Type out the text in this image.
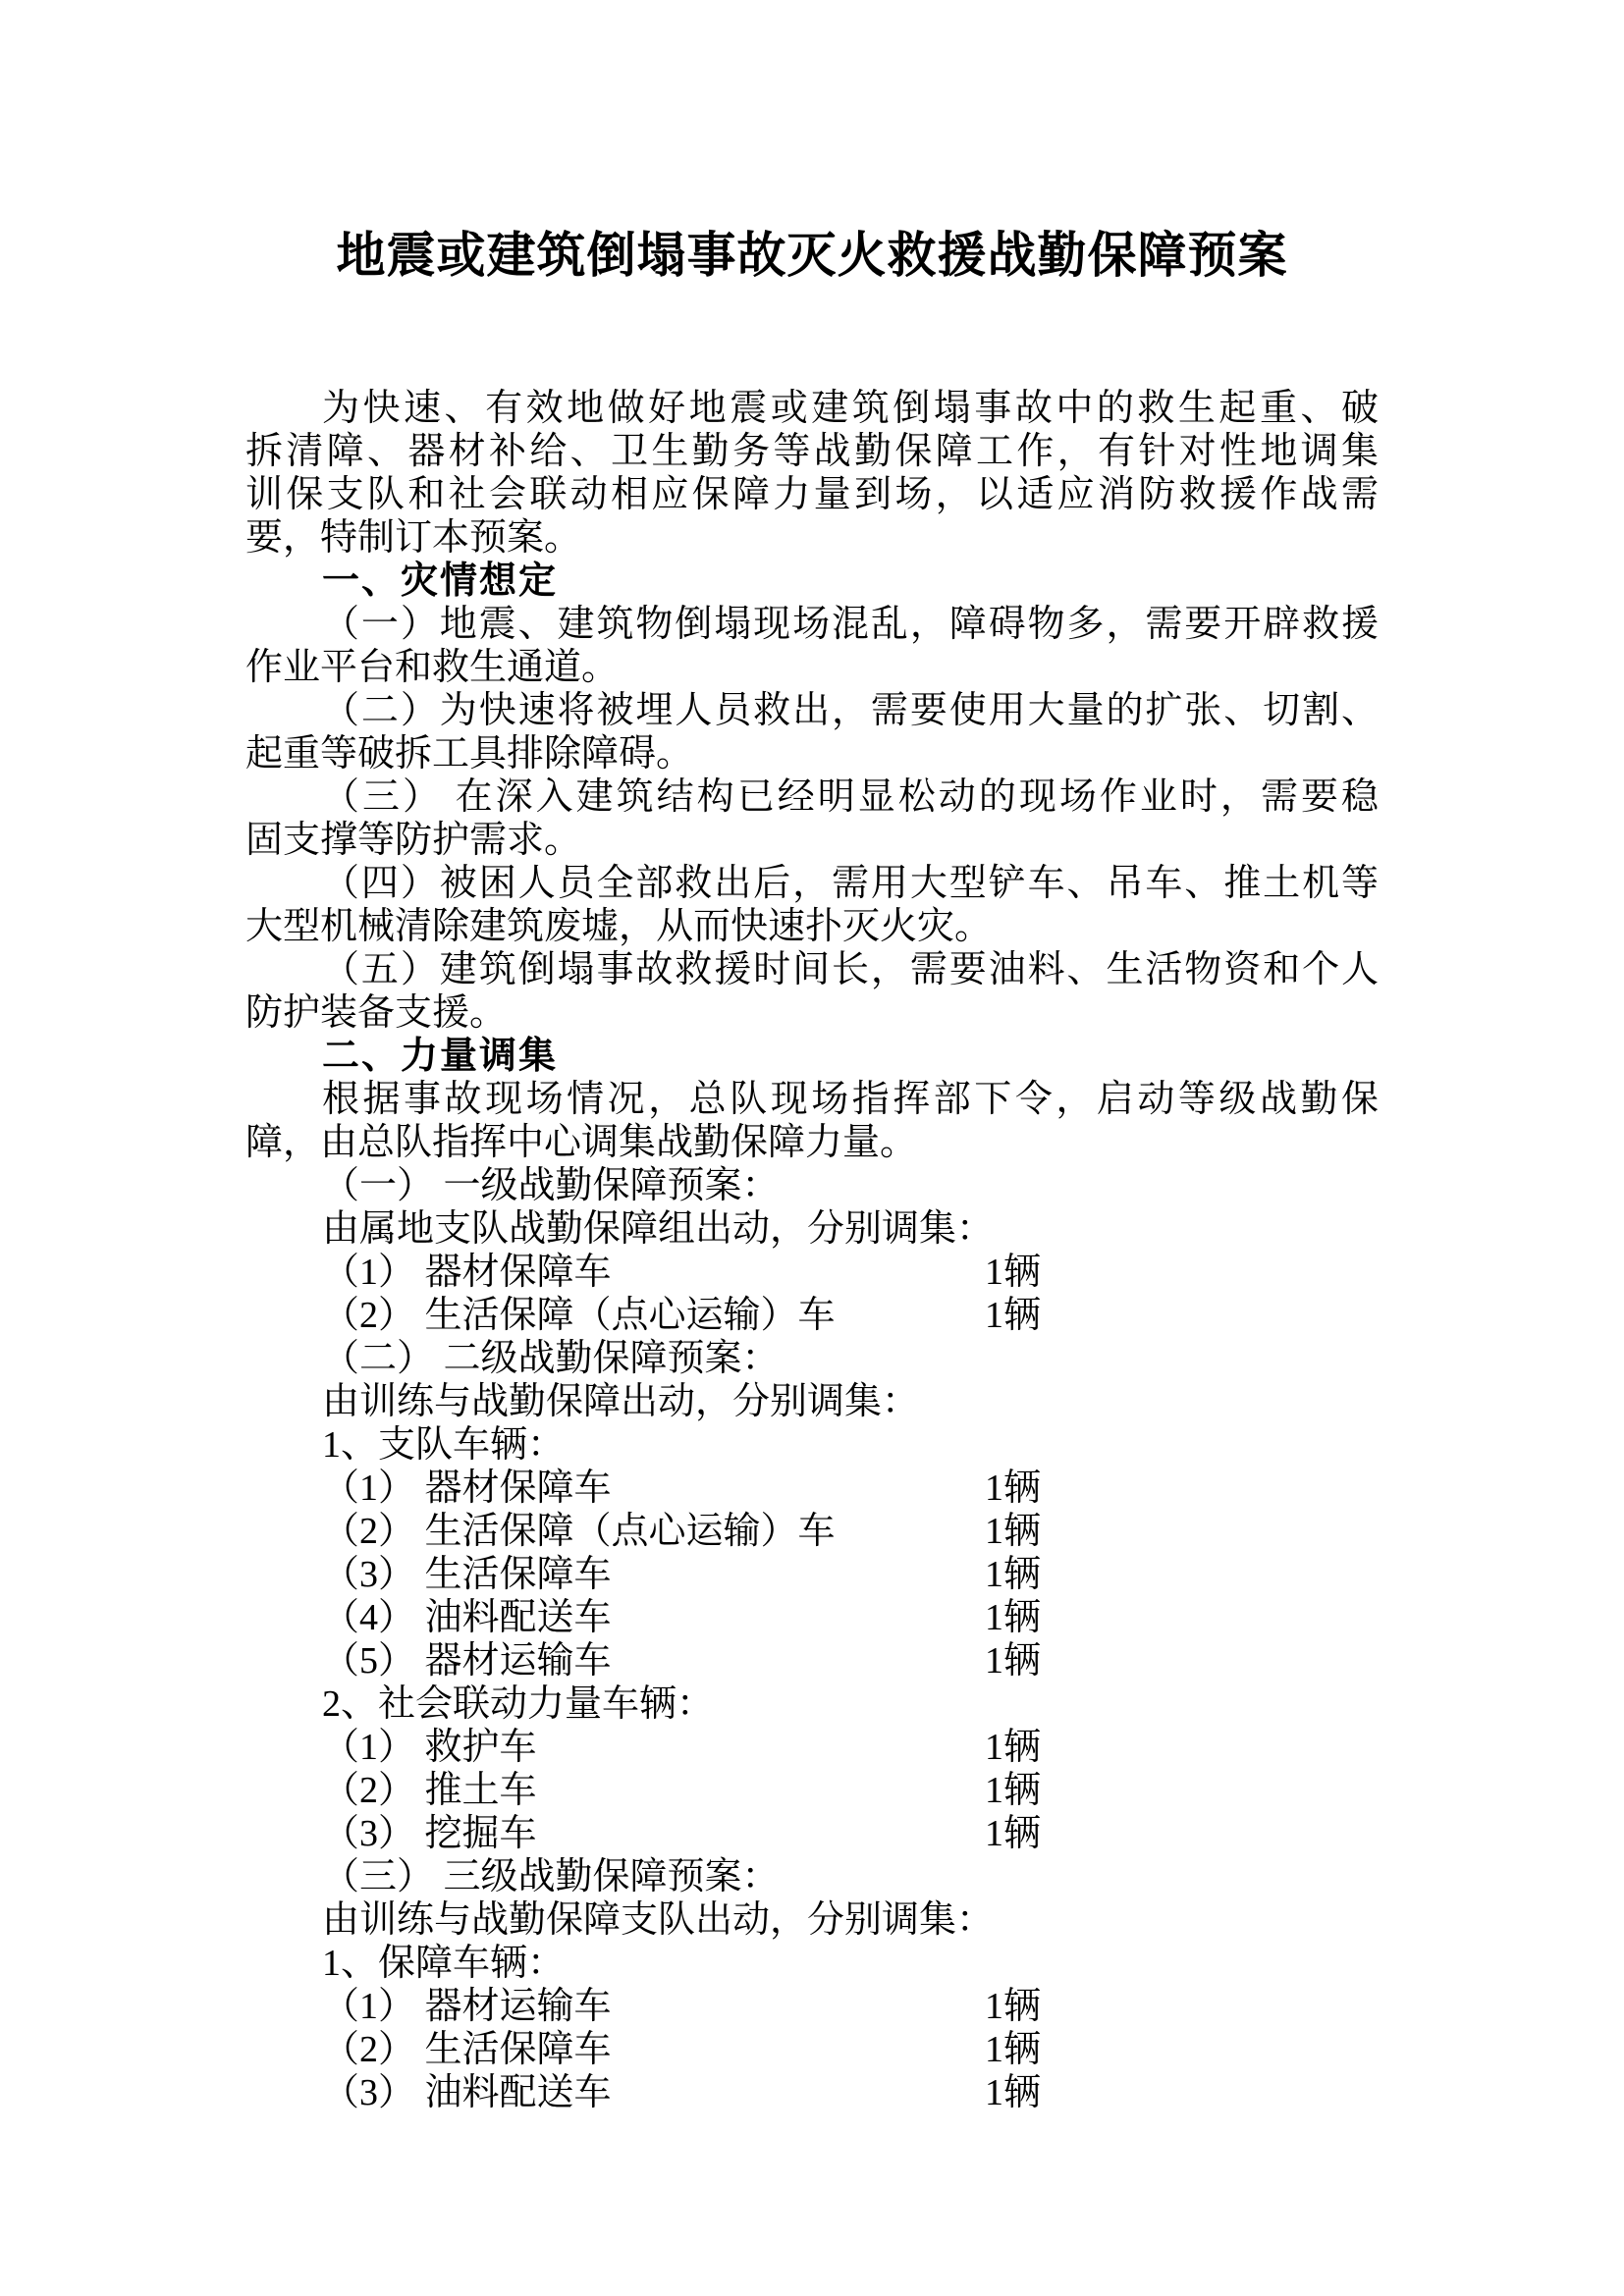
地震或建筑倒塌事故灭火救援战勤保障预案
为快速、有效地做好地震或建筑倒塌事故中的救生起重、破
拆清障、器材补给、卫生勤务等战勤保障工作，有针对性地调集
训保支队和社会联动相应保障力量到场，以适应消防救援作战需
要，特制订本预案。
一、灾情想定
（一）地震、建筑物倒塌现场混乱，障碍物多，需要开辟救援
作业平台和救生通道。
（二）为快速将被埋人员救出，需要使用大量的扩张、切割、
起重等破拆工具排除障碍。
（三） 在深入建筑结构已经明显松动的现场作业时，需要稳
固支撑等防护需求。
（四）被困人员全部救出后，需用大型铲车、吊车、推土机等
大型机械清除建筑废墟，从而快速扑灭火灾。
（五）建筑倒塌事故救援时间长，需要油料、生活物资和个人
防护装备支援。
二、力量调集
根据事故现场情况，总队现场指挥部下令，启动等级战勤保
障，由总队指挥中心调集战勤保障力量。
（一） 一级战勤保障预案：
由属地支队战勤保障组出动，分别调集：
（1） 器材保障车	1辆
（2） 生活保障（点心运输）车	1辆
（二） 二级战勤保障预案：
由训练与战勤保障出动，分别调集：
1、支队车辆：
（1） 器材保障车	1辆
（2） 生活保障（点心运输）车	1辆
（3） 生活保障车	1辆
（4） 油料配送车	1辆
（5） 器材运输车	1辆
2、社会联动力量车辆：
（1） 救护车	1辆
（2） 推土车	1辆
（3） 挖掘车	1辆
（三） 三级战勤保障预案：
由训练与战勤保障支队出动，分别调集：
1、保障车辆：
（1） 器材运输车	1辆
（2） 生活保障车	1辆
（3） 油料配送车	1辆
